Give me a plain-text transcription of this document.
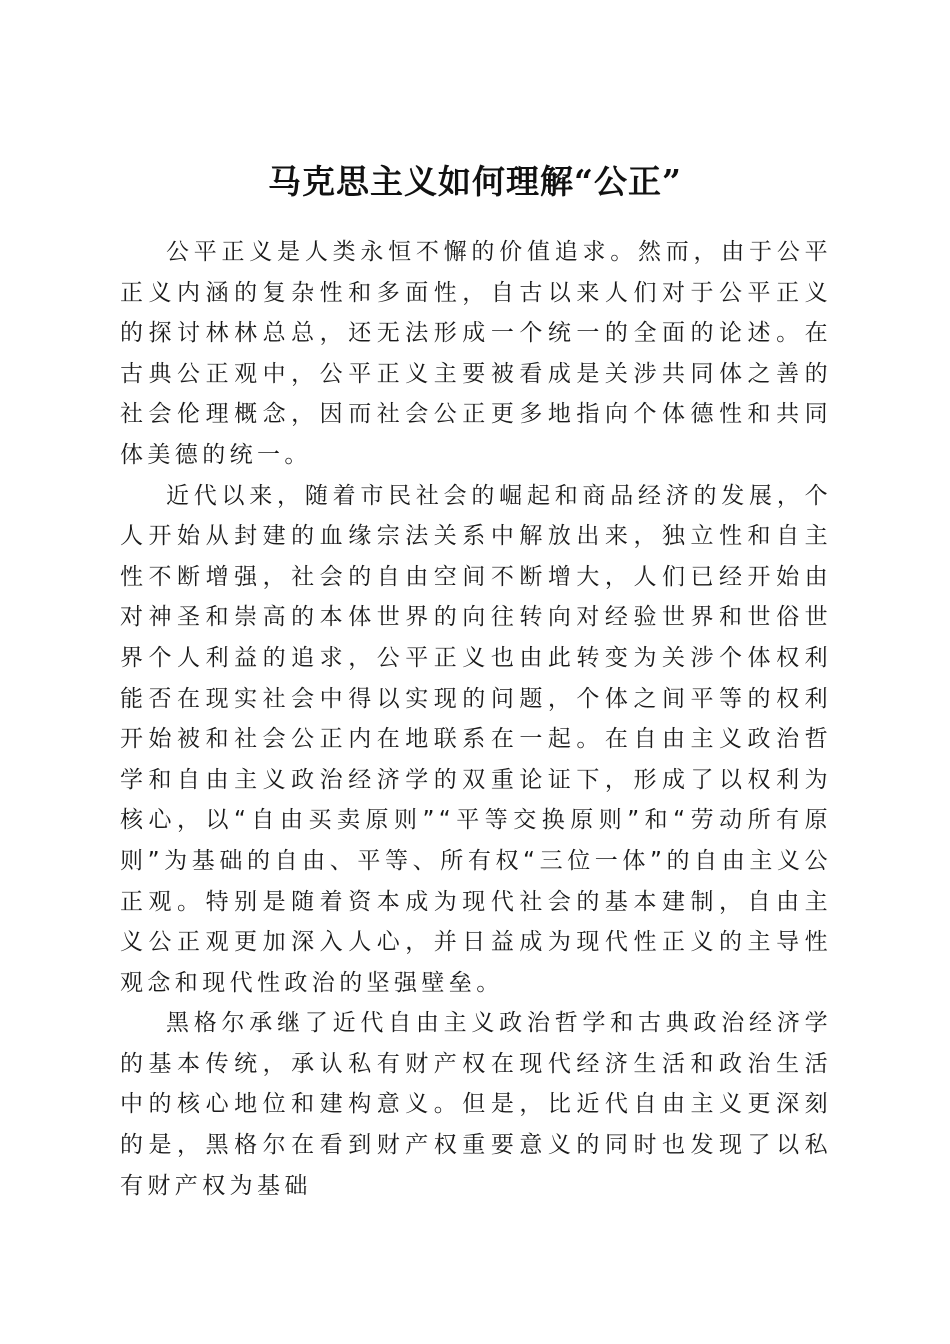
马克思主义如何理解“公正”

公平正义是人类永恒不懈的价值追求。然而，由于公平正义内涵的复杂性和多面性，自古以来人们对于公平正义的探讨林林总总，还无法形成一个统一的全面的论述。在古典公正观中，公平正义主要被看成是关涉共同体之善的社会伦理概念，因而社会公正更多地指向个体德性和共同体美德的统一。

近代以来，随着市民社会的崛起和商品经济的发展，个人开始从封建的血缘宗法关系中解放出来，独立性和自主性不断增强，社会的自由空间不断增大，人们已经开始由对神圣和崇高的本体世界的向往转向对经验世界和世俗世界个人利益的追求，公平正义也由此转变为关涉个体权利能否在现实社会中得以实现的问题，个体之间平等的权利开始被和社会公正内在地联系在一起。在自由主义政治哲学和自由主义政治经济学的双重论证下，形成了以权利为核心，以“自由买卖原则”“平等交换原则”和“劳动所有原则”为基础的自由、平等、所有权“三位一体”的自由主义公正观。特别是随着资本成为现代社会的基本建制，自由主义公正观更加深入人心，并日益成为现代性正义的主导性观念和现代性政治的坚强壁垒。

黑格尔承继了近代自由主义政治哲学和古典政治经济学的基本传统，承认私有财产权在现代经济生活和政治生活中的核心地位和建构意义。但是，比近代自由主义更深刻的是，黑格尔在看到财产权重要意义的同时也发现了以私有财产权为基础
